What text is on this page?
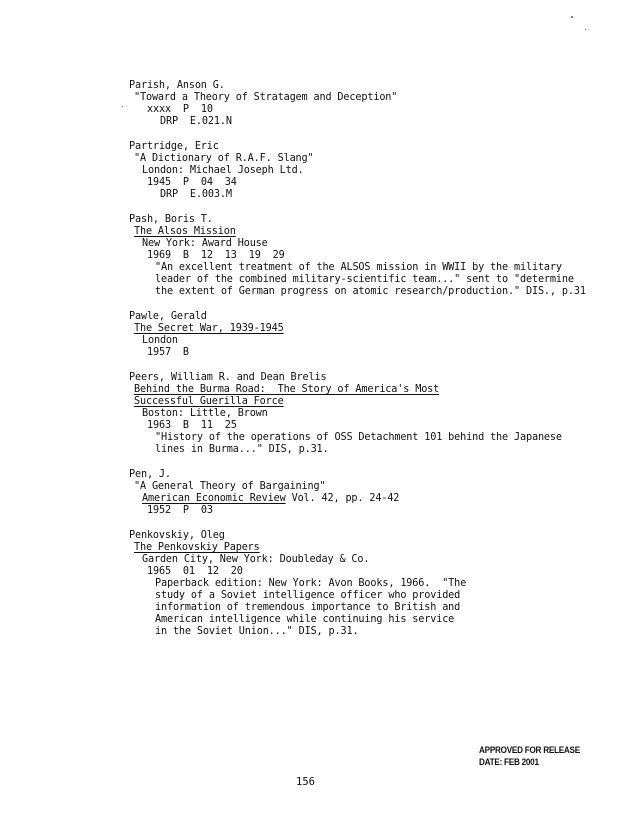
Parish, Anson G.
"Toward a Theory of Stratagem and Deception"
xxxx  P  10
DRP  E.021.N
Partridge, Eric
"A Dictionary of R.A.F. Slang"
London: Michael Joseph Ltd.
1945  P  04  34
DRP  E.003.M
Pash, Boris T.
The Alsos Mission
New York: Award House
1969  B  12  13  19  29
"An excellent treatment of the ALSOS mission in WWII by the military
leader of the combined military-scientific team..." sent to "determine
the extent of German progress on atomic research/production." DIS., p.31
Pawle, Gerald
The Secret War, 1939-1945
London
1957  B
Peers, William R. and Dean Brelis
Behind the Burma Road:  The Story of America's Most
Successful Guerilla Force
Boston: Little, Brown
1963  B  11  25
"History of the operations of OSS Detachment 101 behind the Japanese
lines in Burma..." DIS, p.31.
Pen, J.
"A General Theory of Bargaining"
American Economic Review Vol. 42, pp. 24-42
1952  P  03
Penkovskiy, Oleg
The Penkovskiy Papers
Garden City, New York: Doubleday & Co.
1965  01  12  20
Paperback edition: New York: Avon Books, 1966.  "The
study of a Soviet intelligence officer who provided
information of tremendous importance to British and
American intelligence while continuing his service
in the Soviet Union..." DIS, p.31.
APPROVED FOR RELEASE
DATE: FEB 2001
156
